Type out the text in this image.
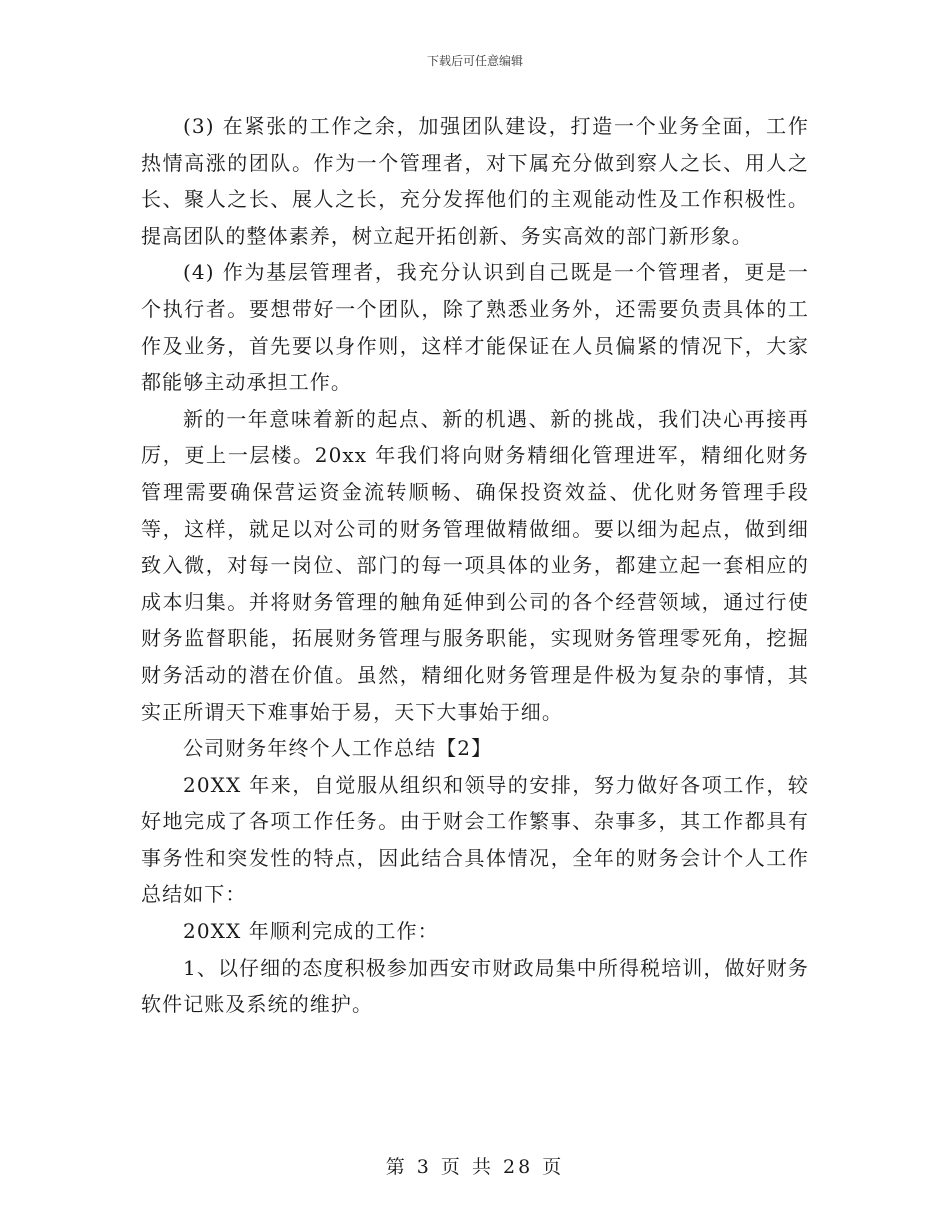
下载后可任意编辑

(3) 在紧张的工作之余，加强团队建设，打造一个业务全面，工作热情高涨的团队。作为一个管理者，对下属充分做到察人之长、用人之长、聚人之长、展人之长，充分发挥他们的主观能动性及工作积极性。提高团队的整体素养，树立起开拓创新、务实高效的部门新形象。

(4) 作为基层管理者，我充分认识到自己既是一个管理者，更是一个执行者。要想带好一个团队，除了熟悉业务外，还需要负责具体的工作及业务，首先要以身作则，这样才能保证在人员偏紧的情况下，大家都能够主动承担工作。

新的一年意味着新的起点、新的机遇、新的挑战，我们决心再接再厉，更上一层楼。20xx 年我们将向财务精细化管理进军，精细化财务管理需要确保营运资金流转顺畅、确保投资效益、优化财务管理手段等，这样，就足以对公司的财务管理做精做细。要以细为起点，做到细致入微，对每一岗位、部门的每一项具体的业务，都建立起一套相应的成本归集。并将财务管理的触角延伸到公司的各个经营领域，通过行使财务监督职能，拓展财务管理与服务职能，实现财务管理零死角，挖掘财务活动的潜在价值。虽然，精细化财务管理是件极为复杂的事情，其实正所谓天下难事始于易，天下大事始于细。

公司财务年终个人工作总结【2】

20XX 年来，自觉服从组织和领导的安排，努力做好各项工作，较好地完成了各项工作任务。由于财会工作繁事、杂事多，其工作都具有事务性和突发性的特点，因此结合具体情况，全年的财务会计个人工作总结如下：

20XX 年顺利完成的工作：

1、以仔细的态度积极参加西安市财政局集中所得税培训，做好财务软件记账及系统的维护。

第 3 页 共 28 页
